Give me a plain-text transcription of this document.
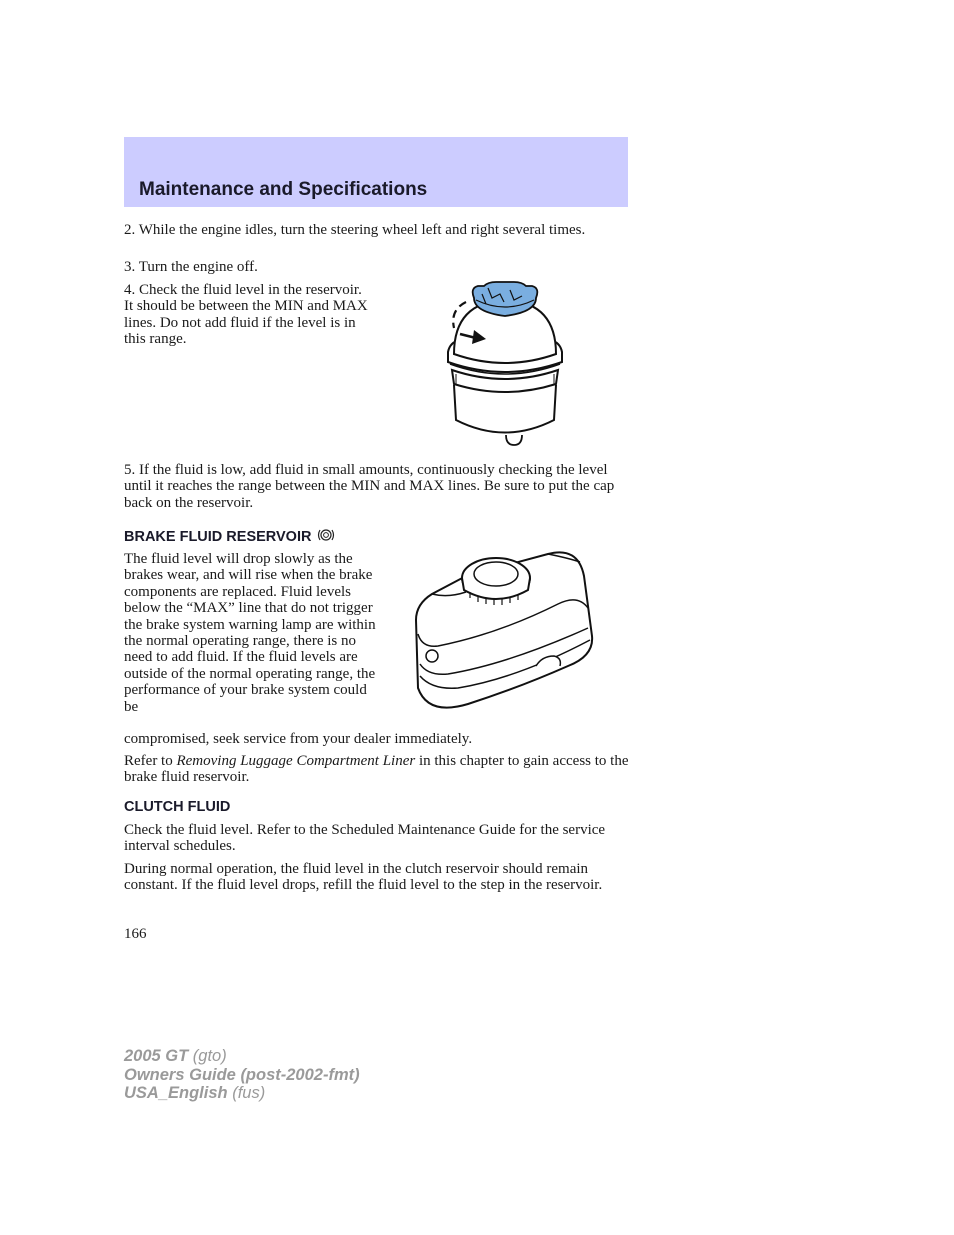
Maintenance and Specifications

2. While the engine idles, turn the steering wheel left and right several times.

3. Turn the engine off.

4. Check the fluid level in the reservoir. It should be between the MIN and MAX lines. Do not add fluid if the level is in this range.

5. If the fluid is low, add fluid in small amounts, continuously checking the level until it reaches the range between the MIN and MAX lines. Be sure to put the cap back on the reservoir.

BRAKE FLUID RESERVOIR

The fluid level will drop slowly as the brakes wear, and will rise when the brake components are replaced. Fluid levels below the “MAX” line that do not trigger the brake system warning lamp are within the normal operating range, there is no need to add fluid. If the fluid levels are outside of the normal operating range, the performance of your brake system could be

compromised, seek service from your dealer immediately.

Refer to Removing Luggage Compartment Liner in this chapter to gain access to the brake fluid reservoir.

CLUTCH FLUID

Check the fluid level. Refer to the Scheduled Maintenance Guide for the service interval schedules.

During normal operation, the fluid level in the clutch reservoir should remain constant. If the fluid level drops, refill the fluid level to the step in the reservoir.

166

2005 GT (gto)
Owners Guide (post-2002-fmt)
USA_English (fus)
